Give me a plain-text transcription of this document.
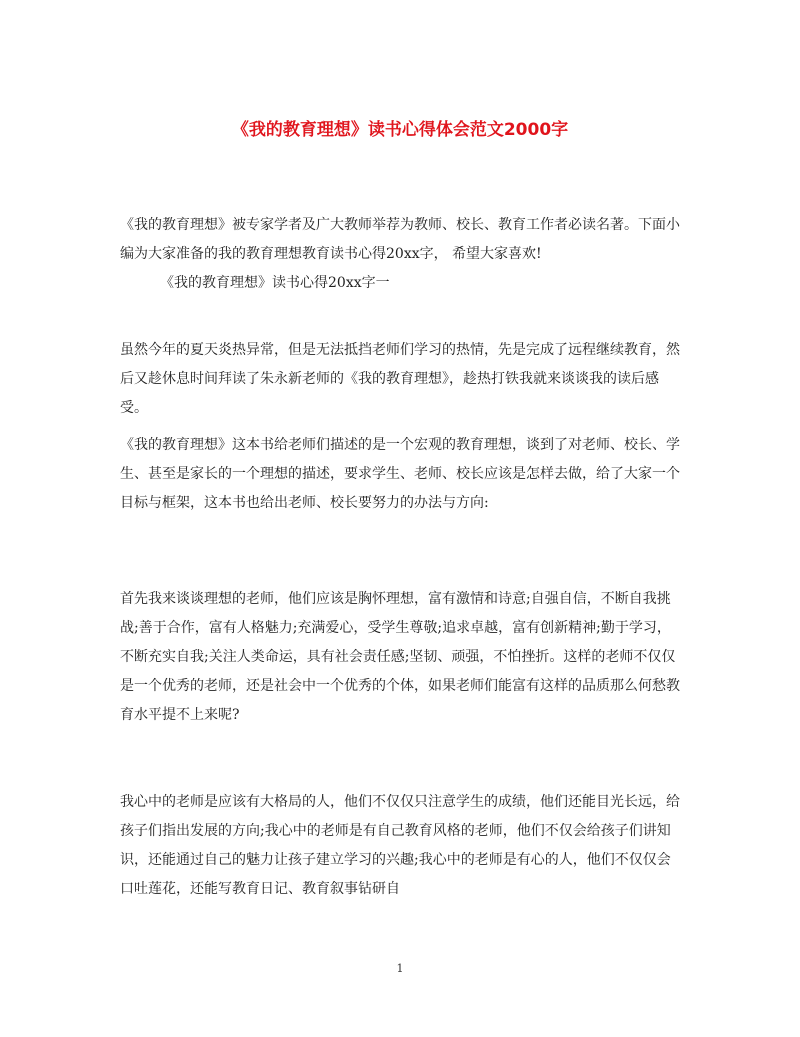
《我的教育理想》读书心得体会范文2000字

《我的教育理想》被专家学者及广大教师举荐为教师、校长、教育工作者必读名著。下面小编为大家准备的我的教育理想教育读书心得20xx字， 希望大家喜欢!

《我的教育理想》读书心得20xx字一

虽然今年的夏天炎热异常，但是无法抵挡老师们学习的热情，先是完成了远程继续教育，然后又趁休息时间拜读了朱永新老师的《我的教育理想》，趁热打铁我就来谈谈我的读后感受。

《我的教育理想》这本书给老师们描述的是一个宏观的教育理想，谈到了对老师、校长、学生、甚至是家长的一个理想的描述，要求学生、老师、校长应该是怎样去做，给了大家一个目标与框架，这本书也给出老师、校长要努力的办法与方向:

首先我来谈谈理想的老师，他们应该是胸怀理想，富有激情和诗意;自强自信，不断自我挑战;善于合作，富有人格魅力;充满爱心，受学生尊敬;追求卓越，富有创新精神;勤于学习，不断充实自我;关注人类命运，具有社会责任感;坚韧、顽强，不怕挫折。这样的老师不仅仅是一个优秀的老师，还是社会中一个优秀的个体，如果老师们能富有这样的品质那么何愁教育水平提不上来呢?

我心中的老师是应该有大格局的人，他们不仅仅只注意学生的成绩，他们还能目光长远，给孩子们指出发展的方向;我心中的老师是有自己教育风格的老师，他们不仅会给孩子们讲知识，还能通过自己的魅力让孩子建立学习的兴趣;我心中的老师是有心的人，他们不仅仅会口吐莲花，还能写教育日记、教育叙事钻研自

1
